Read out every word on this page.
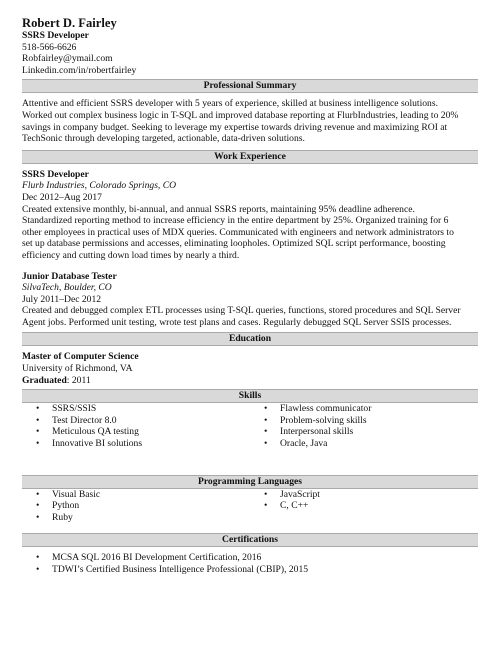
Robert D. Fairley
SSRS Developer
518-566-6626
Robfairley@ymail.com
Linkedin.com/in/robertfairley
Professional Summary
Attentive and efficient SSRS developer with 5 years of experience, skilled at business intelligence solutions.
Worked out complex business logic in T-SQL and improved database reporting at FlurbIndustries, leading to 20%
savings in company budget. Seeking to leverage my expertise towards driving revenue and maximizing ROI at
TechSonic through developing targeted, actionable, data-driven solutions.
Work Experience
SSRS Developer
Flurb Industries, Colorado Springs, CO
Dec 2012–Aug 2017
Created extensive monthly, bi-annual, and annual SSRS reports, maintaining 95% deadline adherence.
Standardized reporting method to increase efficiency in the entire department by 25%. Organized training for 6
other employees in practical uses of MDX queries. Communicated with engineers and network administrators to
set up database permissions and accesses, eliminating loopholes. Optimized SQL script performance, boosting
efficiency and cutting down load times by nearly a third.
Junior Database Tester
SilvaTech, Boulder, CO
July 2011–Dec 2012
Created and debugged complex ETL processes using T-SQL queries, functions, stored procedures and SQL Server
Agent jobs. Performed unit testing, wrote test plans and cases. Regularly debugged SQL Server SSIS processes.
Education
Master of Computer Science
University of Richmond, VA
Graduated: 2011
Skills
• SSRS/SSIS
• Test Director 8.0
• Meticulous QA testing
• Innovative BI solutions
• Flawless communicator
• Problem-solving skills
• Interpersonal skills
• Oracle, Java
Programming Languages
• Visual Basic
• Python
• Ruby
• JavaScript
• C, C++
Certifications
• MCSA SQL 2016 BI Development Certification, 2016
• TDWI’s Certified Business Intelligence Professional (CBIP), 2015
